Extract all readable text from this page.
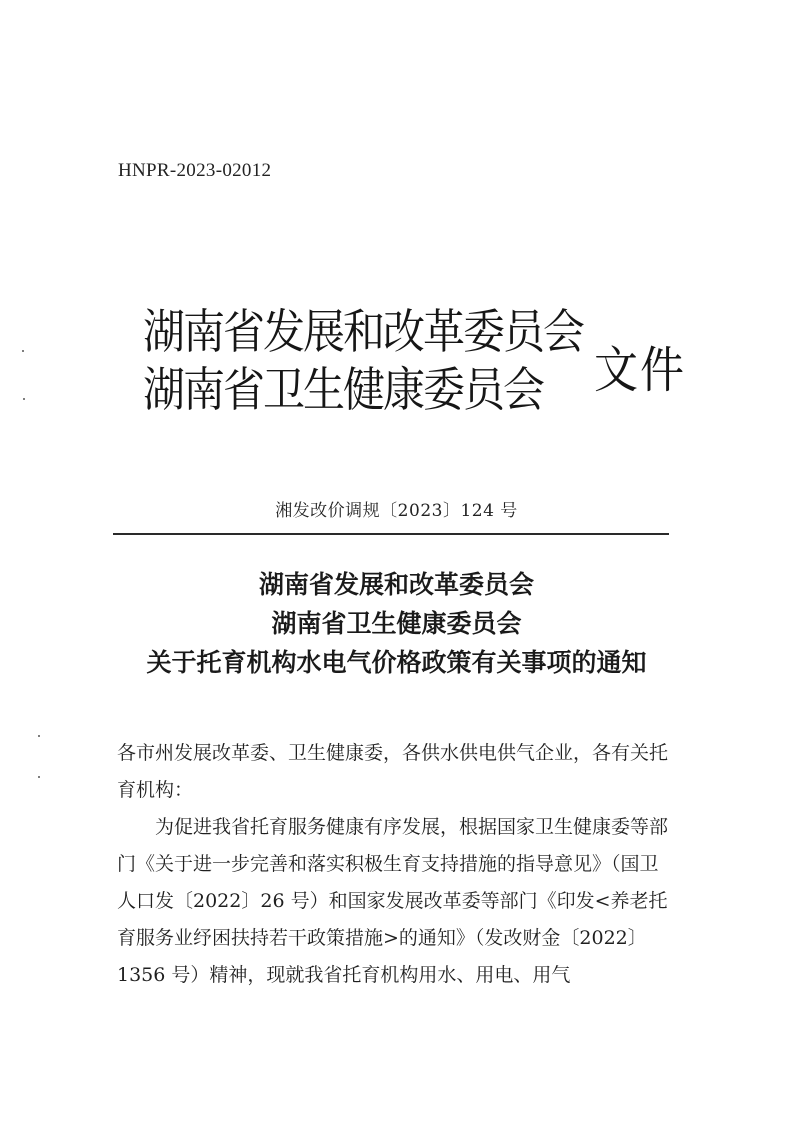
HNPR-2023-02012
湖南省发展和改革委员会
湖南省卫生健康委员会	文件
湘发改价调规〔2023〕124 号
湖南省发展和改革委员会
湖南省卫生健康委员会
关于托育机构水电气价格政策有关事项的通知

各市州发展改革委、卫生健康委，各供水供电供气企业，各有关托育机构：

为促进我省托育服务健康有序发展，根据国家卫生健康委等部门《关于进一步完善和落实积极生育支持措施的指导意见》（国卫人口发〔2022〕26 号）和国家发展改革委等部门《印发<养老托育服务业纾困扶持若干政策措施>的通知》（发改财金〔2022〕1356 号）精神，现就我省托育机构用水、用电、用气
